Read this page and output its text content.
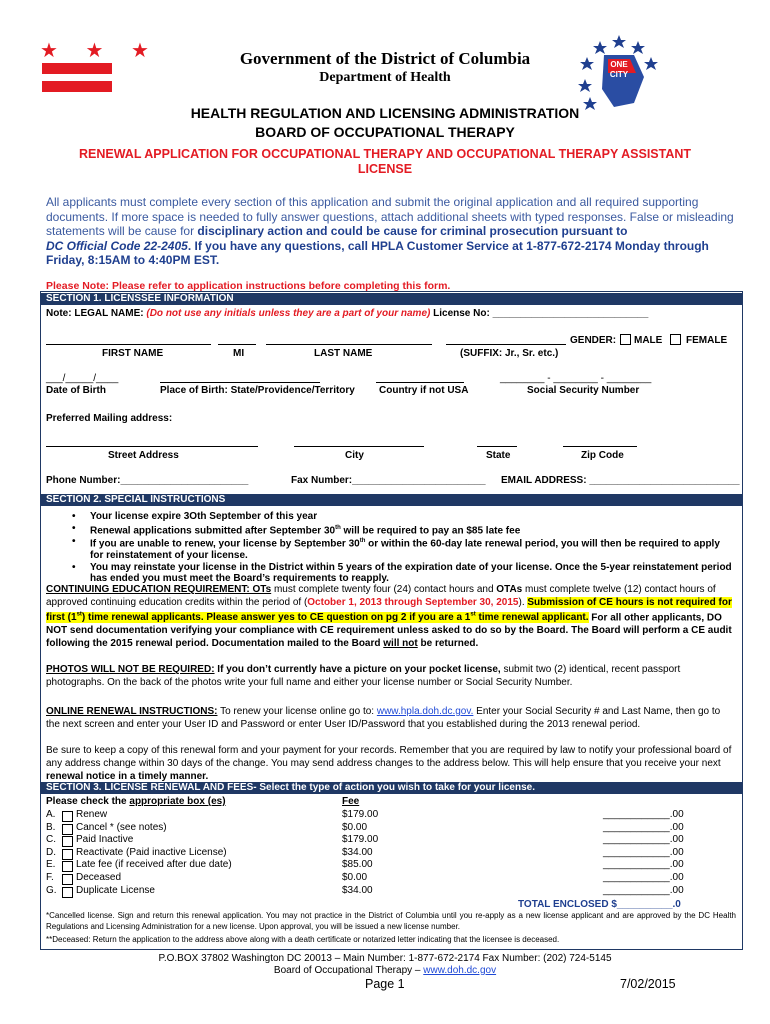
★ ★ ★	Government of the District of Columbia
Department of Health
ONE
CITY
HEALTH REGULATION AND LICENSING ADMINISTRATION
BOARD OF OCCUPATIONAL THERAPY
RENEWAL APPLICATION FOR OCCUPATIONAL THERAPY AND OCCUPATIONAL THERAPY ASSISTANT LICENSE
All applicants must complete every section of this application and submit the original application and all required supporting documents. If more space is needed to fully answer questions, attach additional sheets with typed responses. False or misleading statements will be cause for disciplinary action and could be cause for criminal prosecution pursuant to
DC Official Code 22-2405. If you have any questions, call HPLA Customer Service at 1-877-672-2174 Monday through Friday, 8:15AM to 4:40PM EST.
Please Note: Please refer to application instructions before completing this form.
SECTION 1. LICENSSEE INFORMATION
Note: LEGAL NAME: (Do not use any initials unless they are a part of your name) License No: ____________________________
GENDER: MALE FEMALE
FIRST NAME	MI	LAST NAME	(SUFFIX: Jr., Sr. etc.)
___/_____/____	________ - ________ - ________
Date of Birth	Place of Birth: State/Providence/Territory Country if not USA	Social Security Number
Preferred Mailing address:
Street Address	City	State	Zip Code
Phone Number:_______________________	Fax Number:________________________ EMAIL ADDRESS: ___________________________
SECTION 2. SPECIAL INSTRUCTIONS
• Your license expire 3Oth September of this year
• Renewal applications submitted after September 30th will be required to pay an $85 late fee
• If you are unable to renew, your license by September 30th or within the 60-day late renewal period, you will then be required to apply for reinstatement of your license.
• You may reinstate your license in the District within 5 years of the expiration date of your license. Once the 5-year reinstatement period has ended you must meet the Board’s requirements to reapply.
CONTINUING EDUCATION REQUIREMENT: OTs must complete twenty four (24) contact hours and OTAs must complete twelve (12) contact hours of approved continuing education credits within the period of (October 1, 2013 through September 30, 2015). Submission of CE hours is not required for first (1st) time renewal applicants. Please answer yes to CE question on pg 2 if you are a 1st time renewal applicant. For all other applicants, DO NOT send documentation verifying your compliance with CE requirement unless asked to do so by the Board. The Board will perform a CE audit following the 2015 renewal period. Documentation mailed to the Board will not be returned.
PHOTOS WILL NOT BE REQUIRED: If you don’t currently have a picture on your pocket license, submit two (2) identical, recent passport photographs. On the back of the photos write your full name and either your license number or Social Security Number.
ONLINE RENEWAL INSTRUCTIONS: To renew your license online go to: www.hpla.doh.dc.gov. Enter your Social Security # and Last Name, then go to the next screen and enter your User ID and Password or enter User ID/Password that you established during the 2013 renewal period.
Be sure to keep a copy of this renewal form and your payment for your records. Remember that you are required by law to notify your professional board of any address change within 30 days of the change. You may send address changes to the address below. This will help ensure that you receive your next renewal notice in a timely manner.
SECTION 3. LICENSE RENEWAL AND FEES- Select the type of action you wish to take for your license.
Please check the appropriate box (es)	Fee
A. Renew	$179.00	____________.00
B. Cancel * (see notes)	$0.00	____________.00
C. Paid Inactive	$179.00	____________.00
D. Reactivate (Paid inactive License)	$34.00	____________.00
E. Late fee (if received after due date)	$85.00	____________.00
F. Deceased	$0.00	____________.00
G. Duplicate License	$34.00	____________.00
TOTAL ENCLOSED $__________.0
*Cancelled license. Sign and return this renewal application. You may not practice in the District of Columbia until you re-apply as a new license applicant and are approved by the DC Health Regulations and Licensing Administration for a new license. Upon approval, you will be issued a new license number.
**Deceased: Return the application to the address above along with a death certificate or notarized letter indicating that the licensee is deceased.
P.O.BOX 37802 Washington DC 20013 – Main Number: 1-877-672-2174 Fax Number: (202) 724-5145
Board of Occupational Therapy – www.doh.dc.gov
Page 1	7/02/2015
